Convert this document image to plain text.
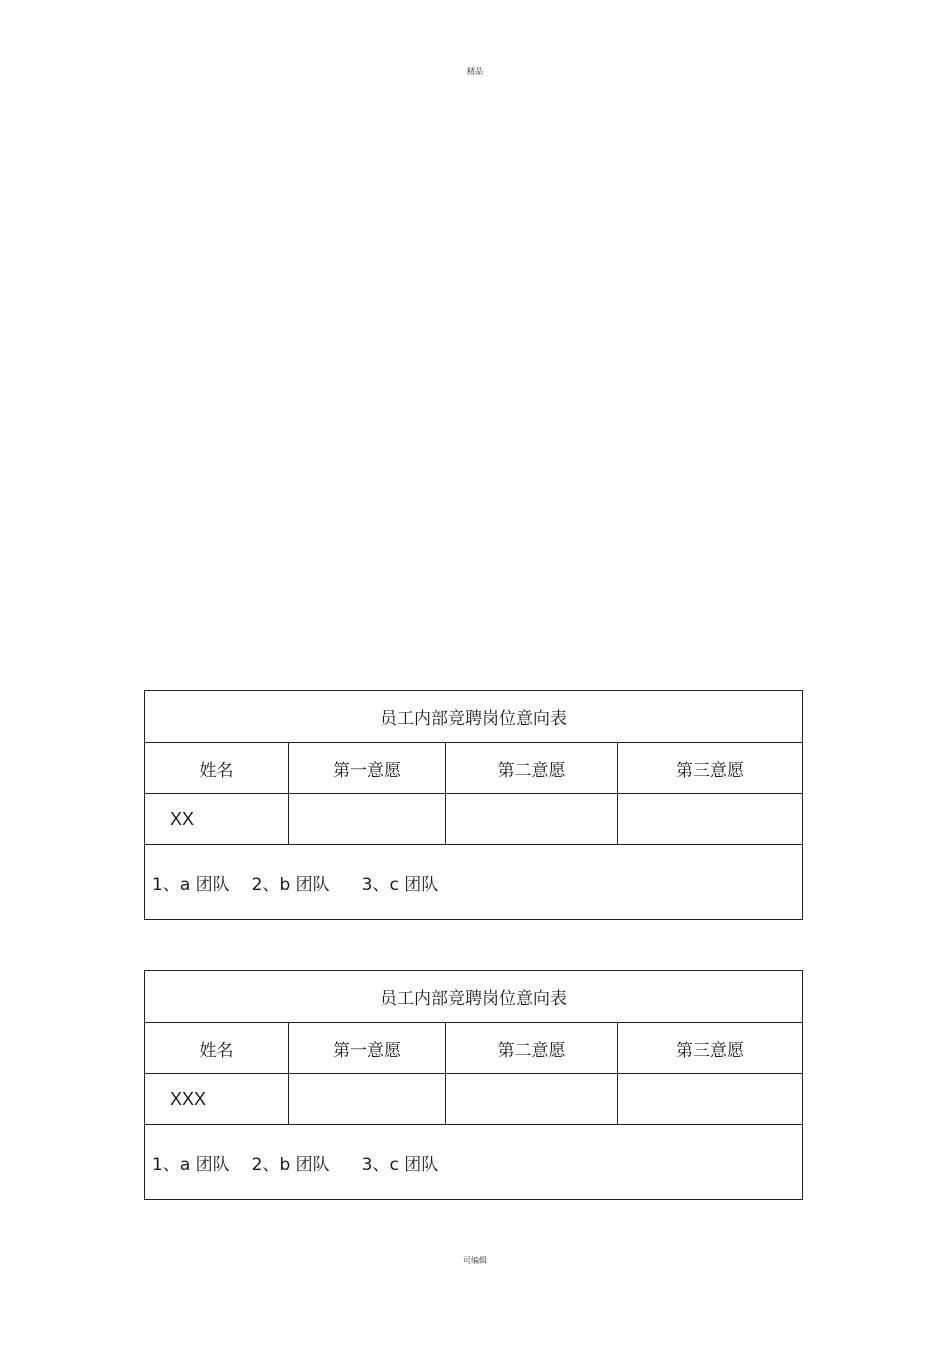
精品
员工内部竞聘岗位意向表
姓名	第一意愿	第二意愿	第三意愿
XX
1、a 团队 2、b 团队 3、c 团队
员工内部竞聘岗位意向表
姓名	第一意愿	第二意愿	第三意愿
XXX
1、a 团队 2、b 团队 3、c 团队
可编辑
